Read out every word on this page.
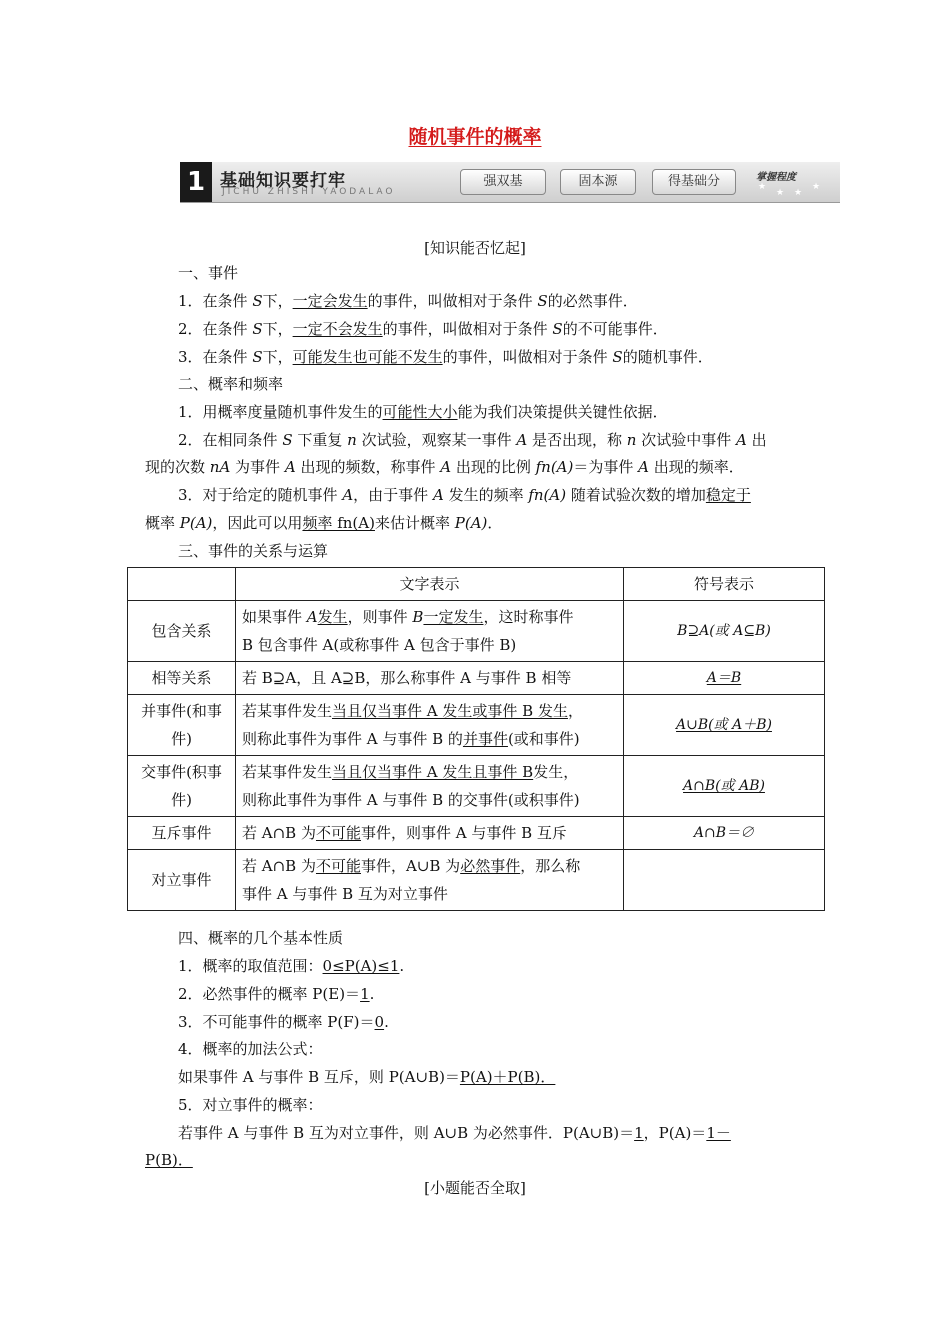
随机事件的概率
1 基础知识要打牢
JICHU ZHISHI YAODALAO
强双基	固本源	得基础分	掌握程度
★
★ ★
★
[知识能否忆起]
一、事件
1．在条件 S下，一定会发生的事件，叫做相对于条件 S的必然事件．
2．在条件 S下，一定不会发生的事件，叫做相对于条件 S的不可能事件．
3．在条件 S下，可能发生也可能不发生的事件，叫做相对于条件 S的随机事件．
二、概率和频率
1．用概率度量随机事件发生的可能性大小能为我们决策提供关键性依据．
2．在相同条件 S 下重复 n 次试验，观察某一事件 A 是否出现，称 n 次试验中事件 A 出
现的次数 nA 为事件 A 出现的频数，称事件 A 出现的比例 fn(A)＝为事件 A 出现的频率．
3．对于给定的随机事件 A，由于事件 A 发生的频率 fn(A) 随着试验次数的增加稳定于
概率 P(A)，因此可以用频率 fn(A)来估计概率 P(A)．
三、事件的关系与运算
	文字表示	符号表示
包含关系	如果事件 A发生，则事件 B一定发生，这时称事件
B 包含事件 A(或称事件 A 包含于事件 B)	B⊇A(或 A⊆B)
相等关系	若 B⊇A，且 A⊇B，那么称事件 A 与事件 B 相等	A＝B
并事件(和事件)	若某事件发生当且仅当事件 A 发生或事件 B 发生，
则称此事件为事件 A 与事件 B 的并事件(或和事件)	A∪B(或 A＋B)
交事件(积事件)	若某事件发生当且仅当事件 A 发生且事件 B发生，
则称此事件为事件 A 与事件 B 的交事件(或积事件)	A∩B(或 AB)
互斥事件	若 A∩B 为不可能事件，则事件 A 与事件 B 互斥	A∩B＝∅
对立事件	若 A∩B 为不可能事件，A∪B 为必然事件，那么称
事件 A 与事件 B 互为对立事件	
四、概率的几个基本性质
1．概率的取值范围：0≤P(A)≤1.
2．必然事件的概率 P(E)＝1.
3．不可能事件的概率 P(F)＝0.
4．概率的加法公式：
如果事件 A 与事件 B 互斥，则 P(A∪B)＝P(A)＋P(B)．
5．对立事件的概率：
若事件 A 与事件 B 互为对立事件，则 A∪B 为必然事件．P(A∪B)＝1，P(A)＝1－
P(B)．
[小题能否全取]
